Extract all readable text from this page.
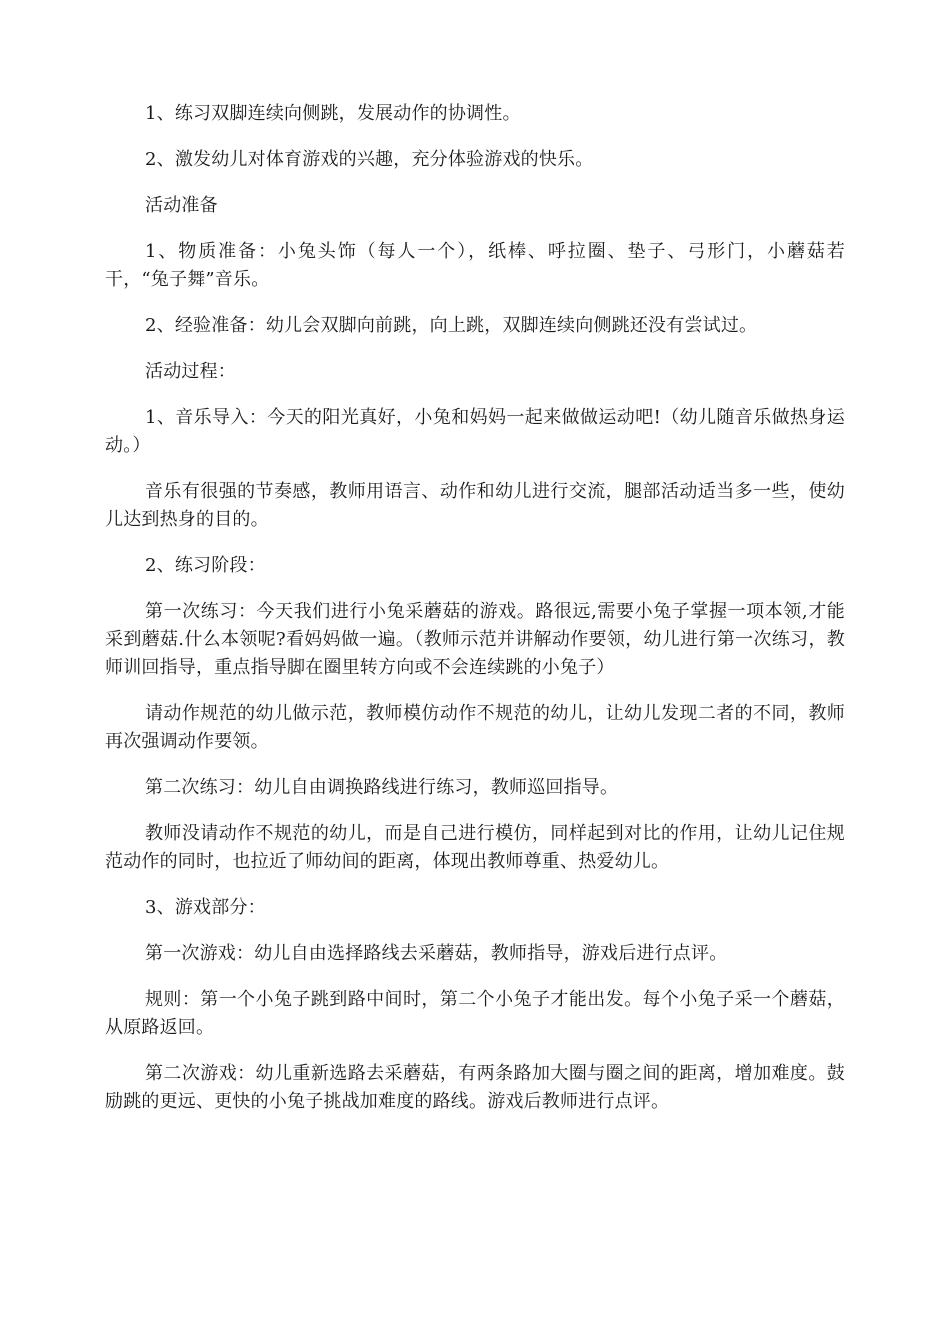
1、练习双脚连续向侧跳，发展动作的协调性。

2、激发幼儿对体育游戏的兴趣，充分体验游戏的快乐。

活动准备

1、物质准备：小兔头饰（每人一个），纸棒、呼拉圈、垫子、弓形门，小蘑菇若干，“兔子舞”音乐。

2、经验准备：幼儿会双脚向前跳，向上跳，双脚连续向侧跳还没有尝试过。

活动过程：

1、音乐导入：今天的阳光真好，小兔和妈妈一起来做做运动吧!（幼儿随音乐做热身运动。）

音乐有很强的节奏感，教师用语言、动作和幼儿进行交流，腿部活动适当多一些，使幼儿达到热身的目的。

2、练习阶段：

第一次练习：今天我们进行小兔采蘑菇的游戏。路很远,需要小兔子掌握一项本领,才能采到蘑菇.什么本领呢?看妈妈做一遍。（教师示范并讲解动作要领，幼儿进行第一次练习，教师训回指导，重点指导脚在圈里转方向或不会连续跳的小兔子）

请动作规范的幼儿做示范，教师模仿动作不规范的幼儿，让幼儿发现二者的不同，教师再次强调动作要领。

第二次练习：幼儿自由调换路线进行练习，教师巡回指导。

教师没请动作不规范的幼儿，而是自己进行模仿，同样起到对比的作用，让幼儿记住规范动作的同时，也拉近了师幼间的距离，体现出教师尊重、热爱幼儿。

3、游戏部分：

第一次游戏：幼儿自由选择路线去采蘑菇，教师指导，游戏后进行点评。

规则：第一个小兔子跳到路中间时，第二个小兔子才能出发。每个小兔子采一个蘑菇，从原路返回。

第二次游戏：幼儿重新选路去采蘑菇，有两条路加大圈与圈之间的距离，增加难度。鼓励跳的更远、更快的小兔子挑战加难度的路线。游戏后教师进行点评。
